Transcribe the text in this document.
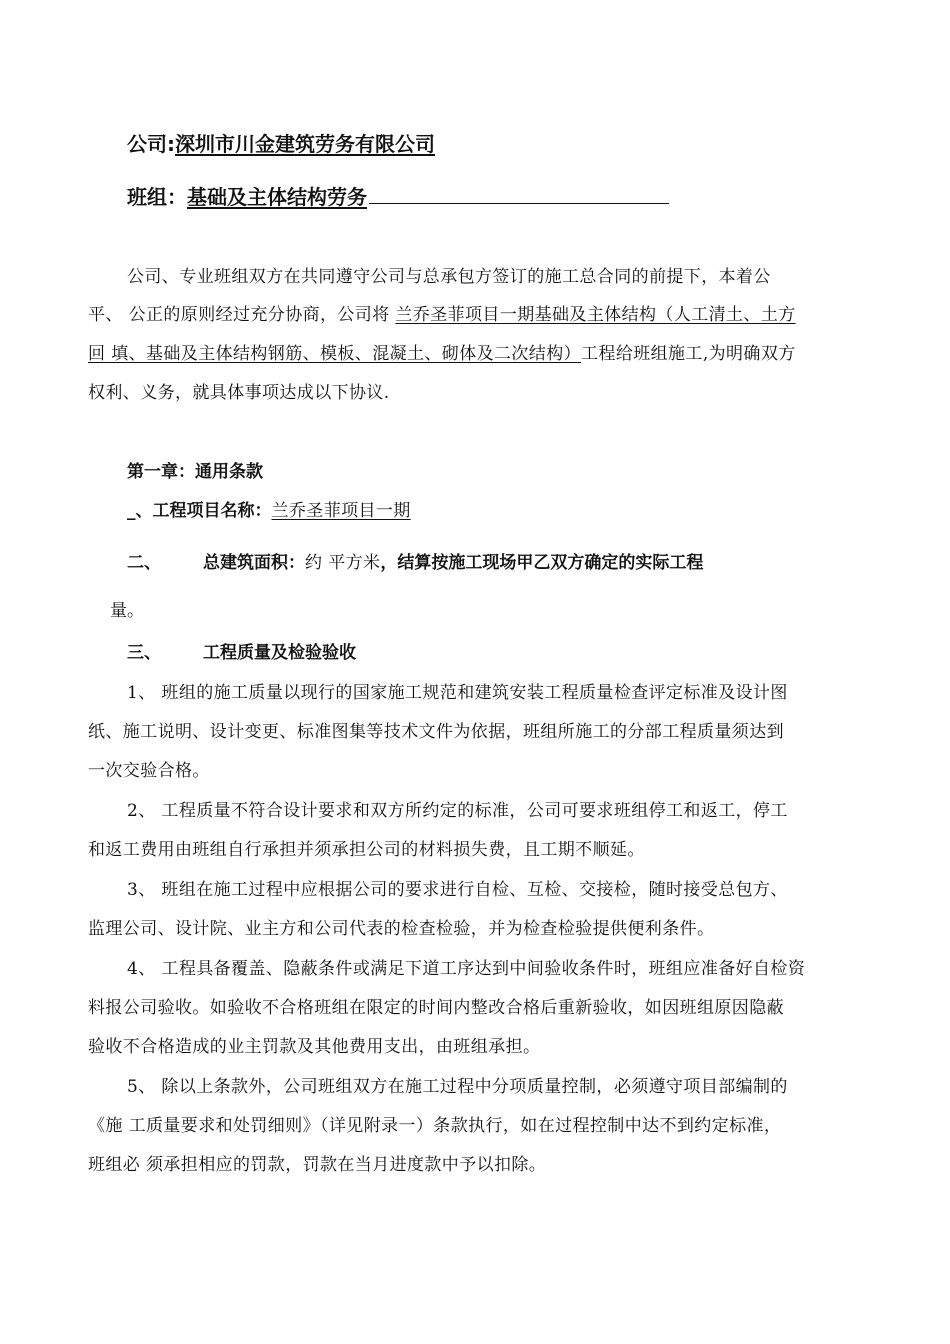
公司:深圳市川金建筑劳务有限公司
班组：基础及主体结构劳务
公司、专业班组双方在共同遵守公司与总承包方签订的施工总合同的前提下，本着公
平、 公正的原则经过充分协商，公司将 兰乔圣菲项目一期基础及主体结构（人工清土、土方
回 填、基础及主体结构钢筋、模板、混凝土、砌体及二次结构）工程给班组施工,为明确双方
权利、义务，就具体事项达成以下协议.
第一章：通用条款
_、工程项目名称：兰乔圣菲项目一期
二、 总建筑面积：约 平方米，结算按施工现场甲乙双方确定的实际工程
量。
三、 工程质量及检验验收
1、 班组的施工质量以现行的国家施工规范和建筑安装工程质量检查评定标准及设计图
纸、施工说明、设计变更、标准图集等技术文件为依据，班组所施工的分部工程质量须达到
一次交验合格。
2、 工程质量不符合设计要求和双方所约定的标准，公司可要求班组停工和返工，停工
和返工费用由班组自行承担并须承担公司的材料损失费，且工期不顺延。
3、 班组在施工过程中应根据公司的要求进行自检、互检、交接检，随时接受总包方、
监理公司、设计院、业主方和公司代表的检查检验，并为检查检验提供便利条件。
4、 工程具备覆盖、隐蔽条件或满足下道工序达到中间验收条件时，班组应准备好自检资
料报公司验收。如验收不合格班组在限定的时间内整改合格后重新验收，如因班组原因隐蔽
验收不合格造成的业主罚款及其他费用支出，由班组承担。
5、 除以上条款外，公司班组双方在施工过程中分项质量控制，必须遵守项目部编制的
《施 工质量要求和处罚细则》（详见附录一）条款执行，如在过程控制中达不到约定标准，
班组必 须承担相应的罚款，罚款在当月进度款中予以扣除。
